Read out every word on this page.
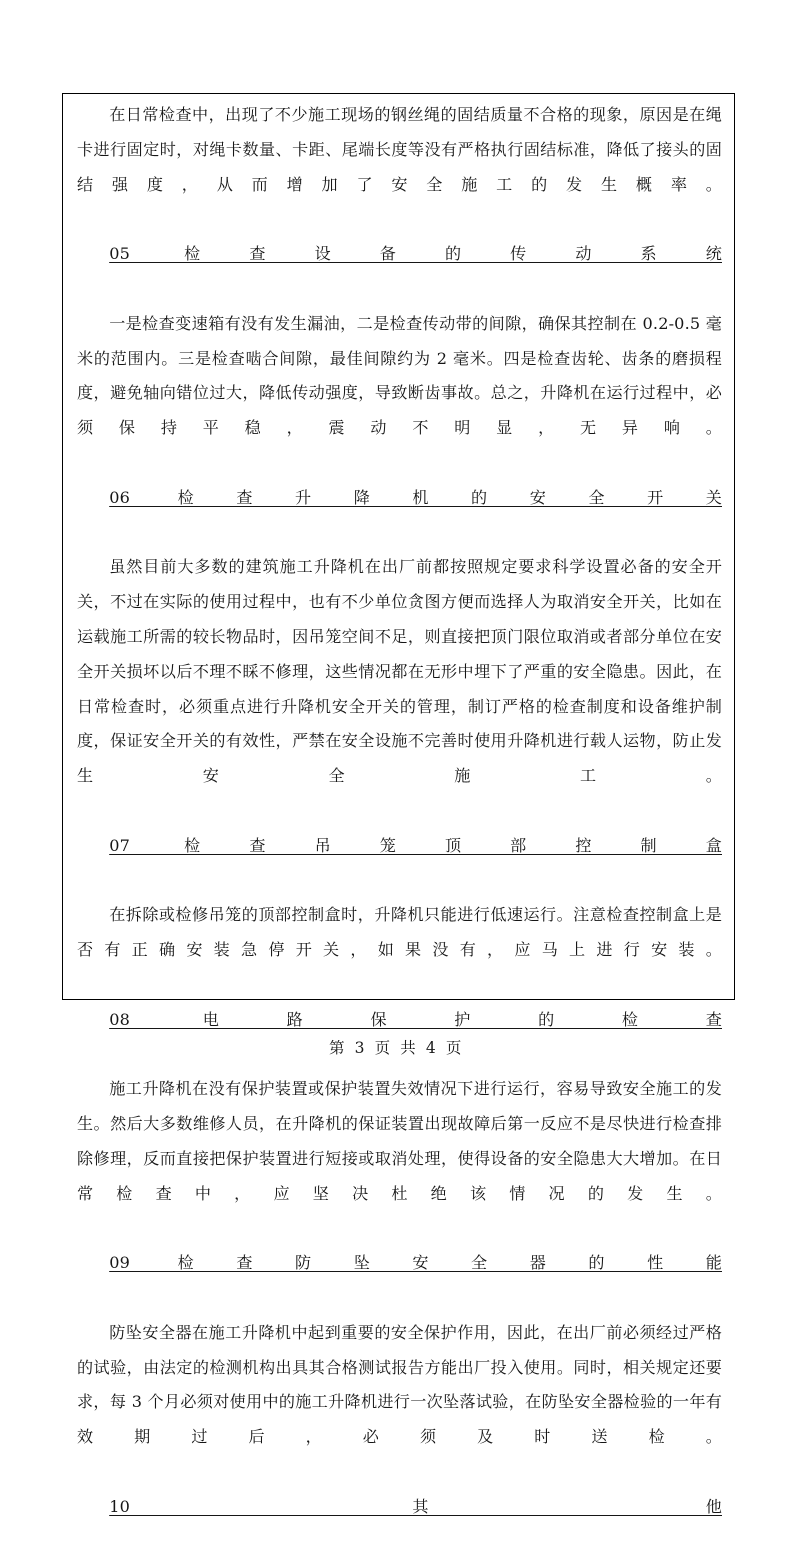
在日常检查中，出现了不少施工现场的钢丝绳的固结质量不合格的现象，原因是在绳卡进行固定时，对绳卡数量、卡距、尾端长度等没有严格执行固结标准，降低了接头的固结强度，从而增加了安全施工的发生概率。

05 检查设备的传动系统

一是检查变速箱有没有发生漏油，二是检查传动带的间隙，确保其控制在 0.2-0.5 毫米的范围内。三是检查啮合间隙，最佳间隙约为 2 毫米。四是检查齿轮、齿条的磨损程度，避免轴向错位过大，降低传动强度，导致断齿事故。总之，升降机在运行过程中，必须保持平稳，震动不明显，无异响。

06 检查升降机的安全开关

虽然目前大多数的建筑施工升降机在出厂前都按照规定要求科学设置必备的安全开关，不过在实际的使用过程中，也有不少单位贪图方便而选择人为取消安全开关，比如在运载施工所需的较长物品时，因吊笼空间不足，则直接把顶门限位取消或者部分单位在安全开关损坏以后不理不睬不修理，这些情况都在无形中埋下了严重的安全隐患。因此，在日常检查时，必须重点进行升降机安全开关的管理，制订严格的检查制度和设备维护制度，保证安全开关的有效性，严禁在安全设施不完善时使用升降机进行载人运物，防止发生安全施工。

07 检查吊笼顶部控制盒

在拆除或检修吊笼的顶部控制盒时，升降机只能进行低速运行。注意检查控制盒上是否有正确安装急停开关，如果没有，应马上进行安装。

08 电路保护的检查

施工升降机在没有保护装置或保护装置失效情况下进行运行，容易导致安全施工的发生。然后大多数维修人员，在升降机的保证装置出现故障后第一反应不是尽快进行检查排除修理，反而直接把保护装置进行短接或取消处理，使得设备的安全隐患大大增加。在日常检查中，应坚决杜绝该情况的发生。

09 检查防坠安全器的性能

防坠安全器在施工升降机中起到重要的安全保护作用，因此，在出厂前必须经过严格的试验，由法定的检测机构出具其合格测试报告方能出厂投入使用。同时，相关规定还要求，每 3 个月必须对使用中的施工升降机进行一次坠落试验，在防坠安全器检验的一年有效期过后，必须及时送检。

10 其他

第 3 页 共 4 页
